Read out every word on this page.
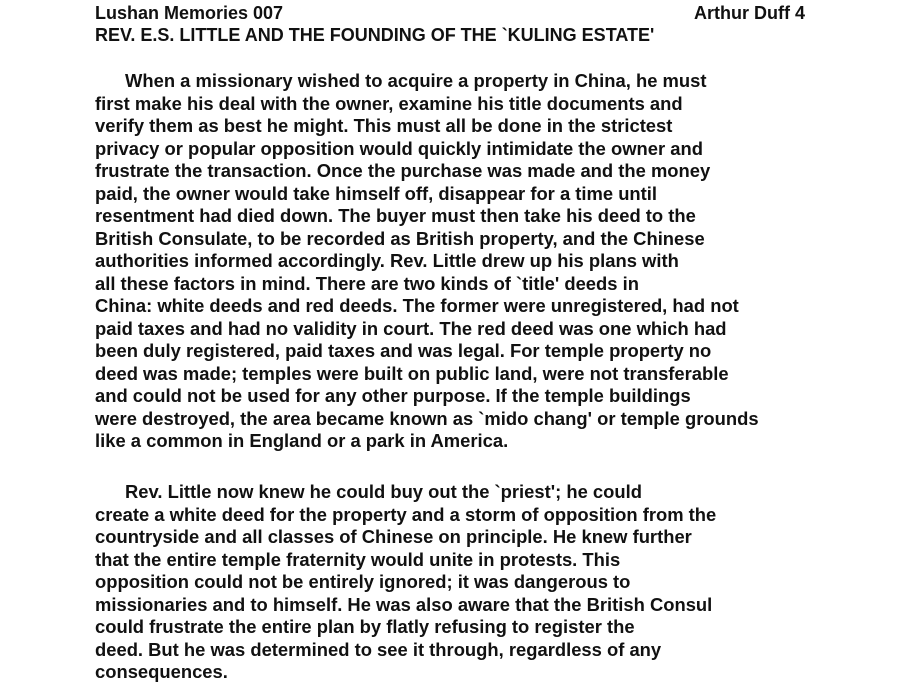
Lushan Memories 007	Arthur Duff 4
REV. E.S. LITTLE AND THE FOUNDING OF THE `KULING ESTATE'
When a missionary wished to acquire a property in China, he must
first make his deal with the owner, examine his title documents and
verify them as best he might. This must all be done in the strictest
privacy or popular opposition would quickly intimidate the owner and
frustrate the transaction. Once the purchase was made and the money
paid, the owner would take himself off, disappear for a time until
resentment had died down. The buyer must then take his deed to the
British Consulate, to be recorded as British property, and the Chinese
authorities informed accordingly. Rev. Little drew up his plans with
all these factors in mind. There are two kinds of `title' deeds in
China: white deeds and red deeds. The former were unregistered, had not
paid taxes and had no validity in court. The red deed was one which had
been duly registered, paid taxes and was legal. For temple property no
deed was made; temples were built on public land, were not transferable
and could not be used for any other purpose. If the temple buildings
were destroyed, the area became known as `mido chang' or temple grounds
like a common in England or a park in America.
Rev. Little now knew he could buy out the `priest'; he could
create a white deed for the property and a storm of opposition from the
countryside and all classes of Chinese on principle. He knew further
that the entire temple fraternity would unite in protests. This
opposition could not be entirely ignored; it was dangerous to
missionaries and to himself. He was also aware that the British Consul
could frustrate the entire plan by flatly refusing to register the
deed. But he was determined to see it through, regardless of any
consequences.
